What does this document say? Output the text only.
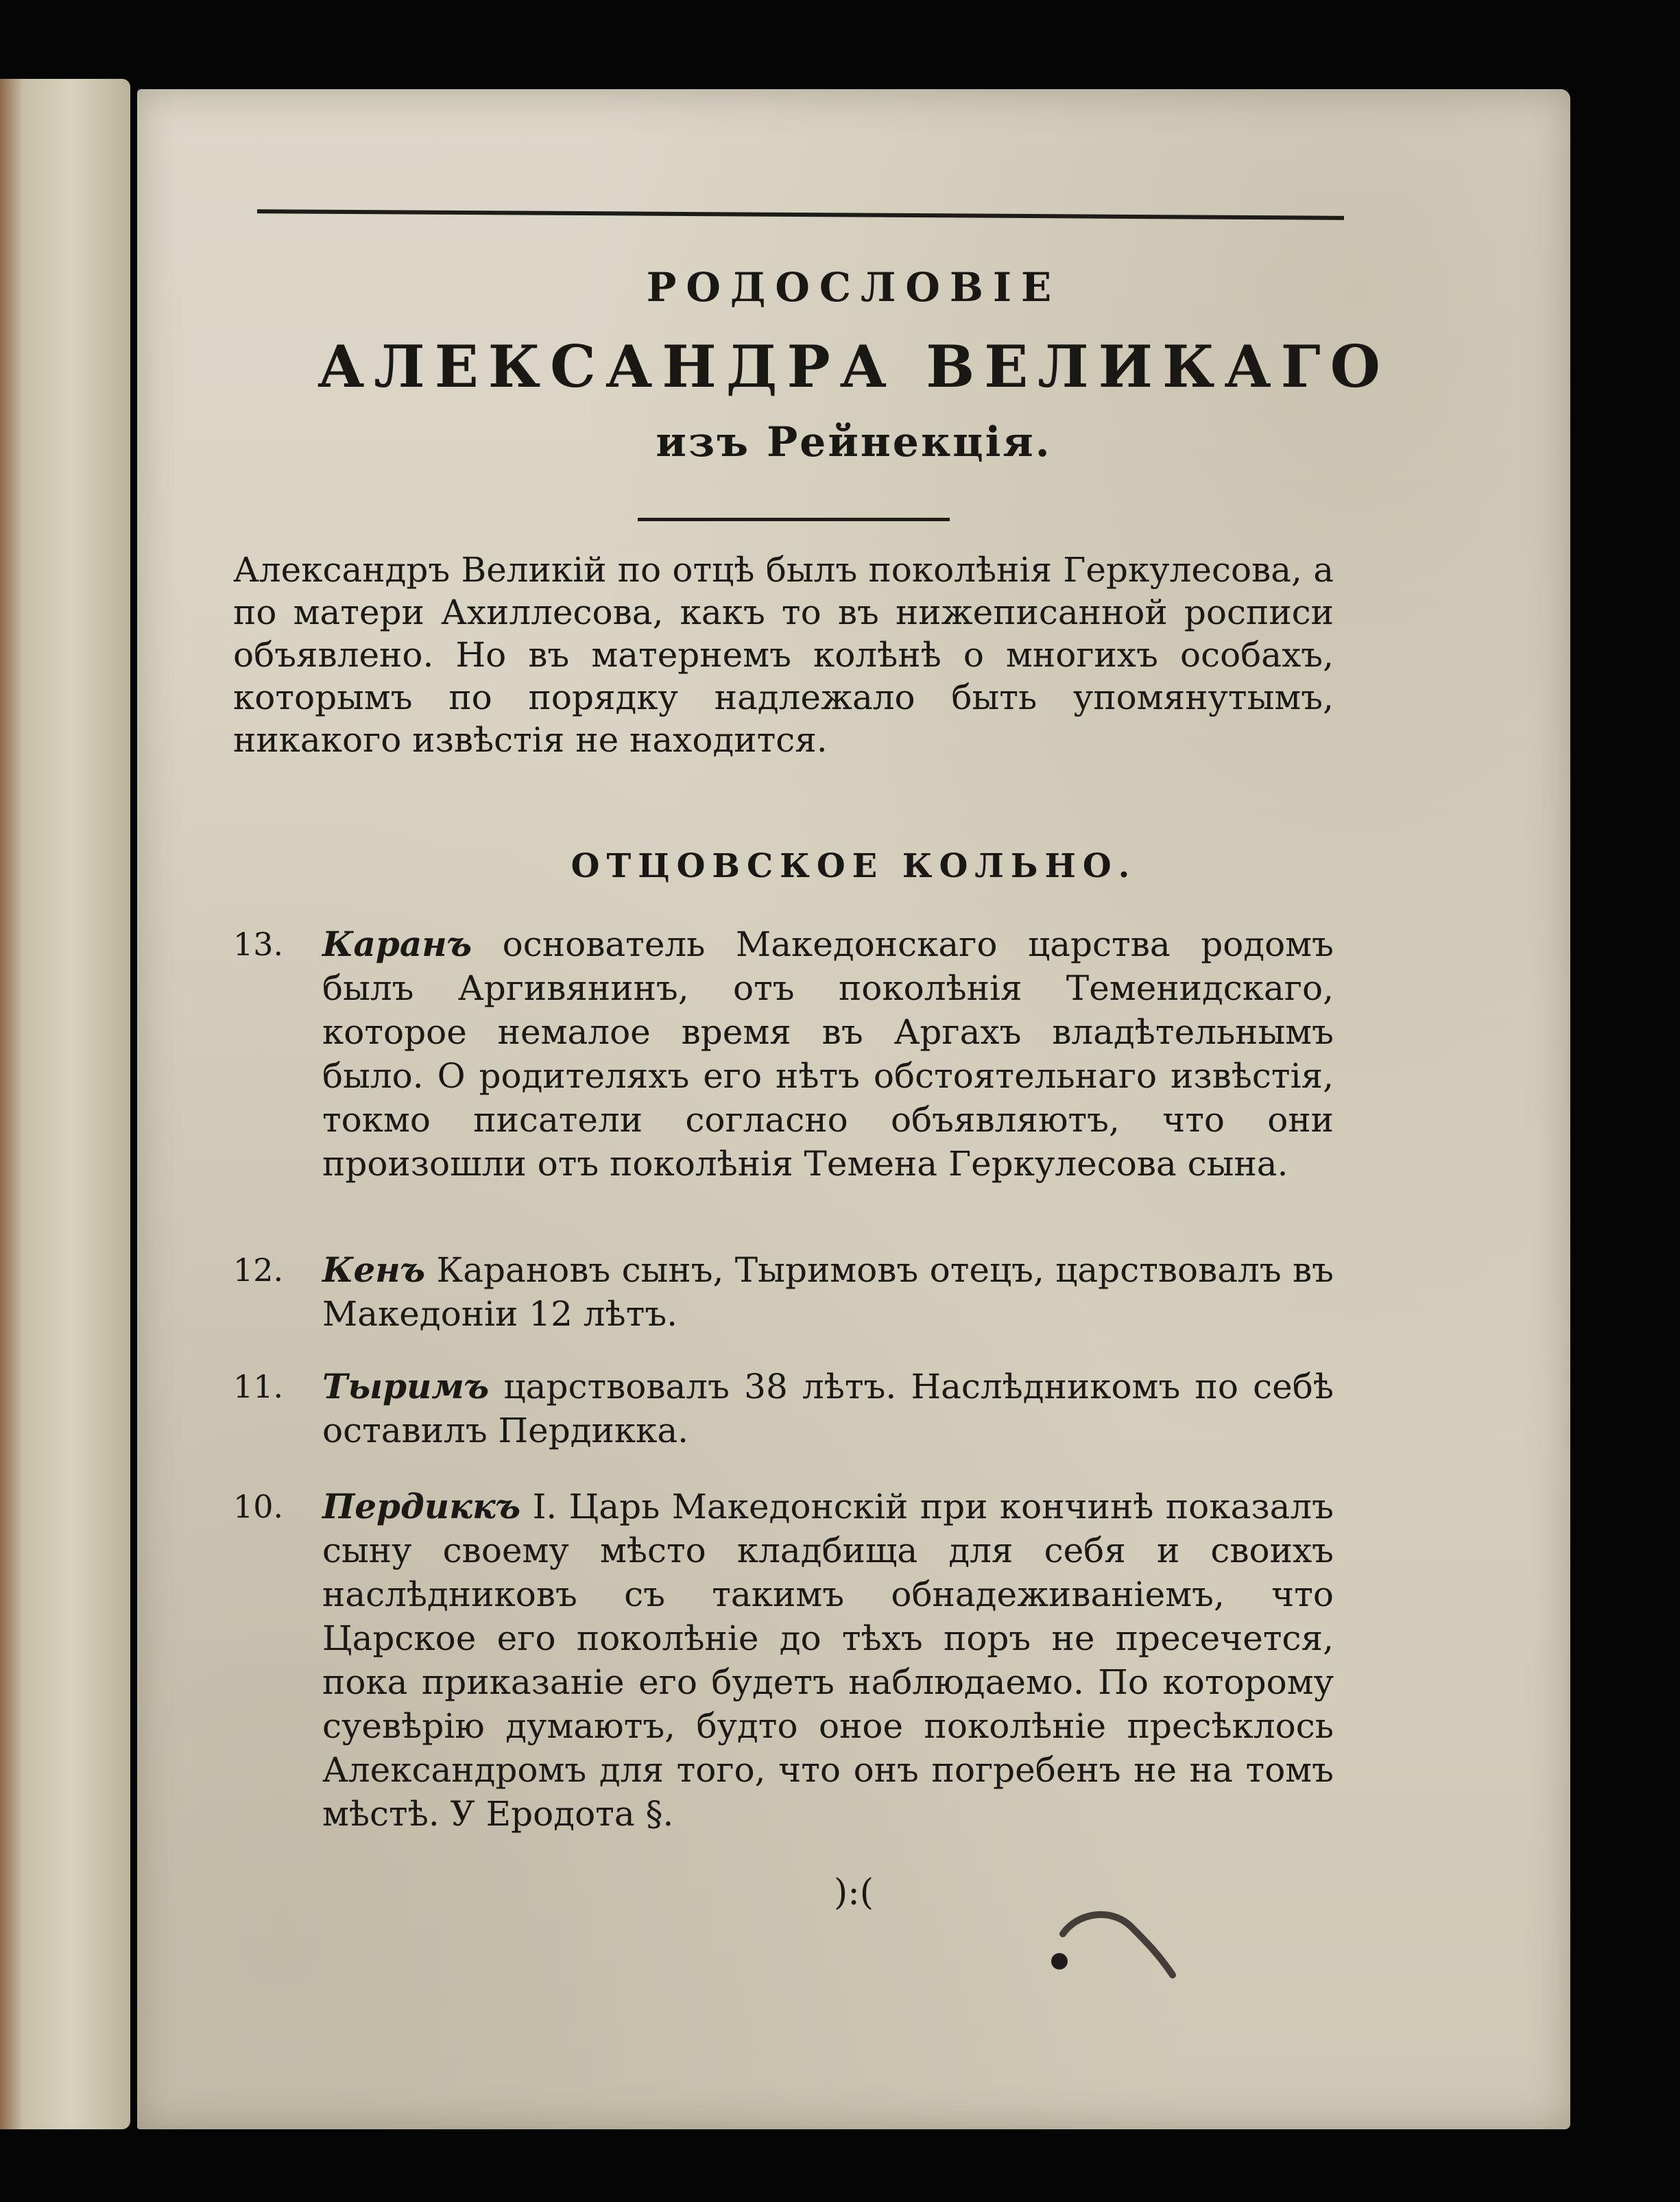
РОДОСЛОВІЕ
АЛЕКСАНДРА ВЕЛИКАГО
изъ Рейнекція.

Александръ Великій по отцѣ былъ поколѣнія Геркулесова, а по матери Ахиллесова, какъ то въ нижеписанной росписи объявлено. Но въ матернемъ колѣнѣ о многихъ особахъ, которымъ по порядку надлежало быть упомянутымъ, никакого извѣстія не находится.

ОТЦОВСКОЕ КОЛЬНО.

13.	Каранъ основатель Македонскаго царства родомъ былъ Аргивянинъ, отъ поколѣнія Теменидскаго, которое немалое время въ Аргахъ владѣтельнымъ было. О родителяхъ его нѣтъ обстоятельнаго извѣстія, токмо писатели согласно объявляютъ, что они произошли отъ поколѣнія Темена Геркулесова сына.
12.	Кенъ Карановъ сынъ, Тыримовъ отецъ, царствовалъ въ Македоніи 12 лѣтъ.
11.	Тыримъ царствовалъ 38 лѣтъ. Наслѣдникомъ по себѣ оставилъ Пердикка.
10.	Пердиккъ I. Царь Македонскій при кончинѣ показалъ сыну своему мѣсто кладбища для себя и своихъ наслѣдниковъ съ такимъ обнадеживаніемъ, что Царское его поколѣніе до тѣхъ поръ не пресечется, пока приказаніе его будетъ наблюдаемо. По которому суевѣрію думаютъ, будто оное поколѣніе пресѣклось Александромъ для того, что онъ погребенъ не на томъ мѣстѣ. У Еродота §.
):(
